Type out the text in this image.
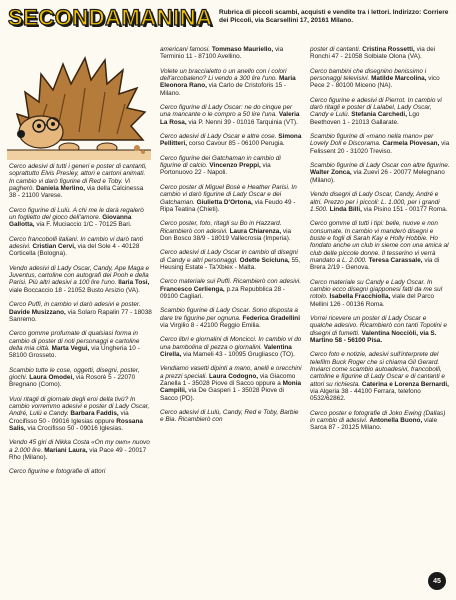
SECONDAMANINA Rubrica di piccoli scambi, acquisti e vendite tra i lettori. Indirizzo: Corriere dei Piccoli, via Scarsellini 17, 20161 Milano.

Cerco adesivi di tutti i generi e poster di cantanti, soprattutto Elvis Presley, attori e cartoni animati. In cambio vi darò figurine di Red e Toby. Vi pagherò. Daniela Merlino, via della Calcinessa 38 - 21100 Varese.

Cerco figurine di Lulù. A chi me le darà regalerò un foglietto del gioco dell'amore. Giovanna Gallotta, via F. Muciaccio 1/C - 70125 Bari.

Cerco francobolli italiani. In cambio vi darò tanti adesivi. Cristian Cervi, via del Sole 4 - 40128 Corticella (Bologna).

Vendo adesivi di Lady Oscar, Candy, Ape Maga e Juventus, cartoline con autografi dei Pooh e della Parisi. Più altri adesivi a 100 lire l'uno. Ilaria Tosi, viale Boccaccio 18 - 21052 Busto Arsizio (VA).

Cerco Puffi, in cambio vi darò adesivi e poster. Davide Musizzano, via Solaro Rapalin 77 - 18038 Sanremo.

Cerco gomme profumate di qualsiasi forma in cambio di poster di noti personaggi e cartoline della mia città. Marta Vegui, via Ungheria 10 - 58100 Grosseto.

Scambio tutte le cose, oggetti, disegni, poster, giochi. Laura Omodei, via Rosorè 5 - 22070 Bregnano (Como).

Vuoi ritagli di giornale degli eroi della tivù? In cambio vorremmo adesivi e poster di Lady Oscar, André, Lulù e Candy. Barbara Faddis, via Crocifisso 50 - 09016 Iglesias oppure Rossana Salis, via Crocifisso 50 - 09016 Iglesias.

Vendo 45 giri di Nikka Costa «On my own» nuovo a 2.000 lire. Mariani Laura, via Pace 49 - 20017 Rho (Milano).

Cerco figurine e fotografie di attori

americani famosi. Tommaso Mauriello, via Terminio 11 - 87100 Avellino.

Volete un braccialetto o un anello con i colori dell'arcobaleno? Li vendo a 300 lire l'uno. Maria Eleonora Rano, via Carlo de Cristoforis 15 - Milano.

Cerco figurine di Lady Oscar: ne do cinque per una mancante o le compro a 50 lire l'una. Valeria La Rosa, via P. Nenni 39 - 01016 Tarquinia (VT).

Cerco adesivi di Lady Oscar e altre cose. Simona Pellitteri, corso Cavour 85 - 06100 Perugia.

Cerco figurine dei Gatchaman in cambio di figurine di calcio. Vincenzo Preppi, via Portonuovo 22 - Napoli.

Cerco poster di Miguel Bosè e Heather Parisi. In cambio vi darò figurine di Lady Oscar e dei Gatchaman. Giulietta D'Ortona, via Feudo 49 - Ripa Teatina (Chieti).

Cerco poster, foto, ritagli su Bo in Hazzard. Ricambierò con adesivi. Laura Chiarenza, via Don Bosco 38/9 - 18019 Vallecrosia (Imperia).

Cerco adesivi di Lady Oscar in cambio di disegni di Candy e altri personaggi. Odette Scicluna, 55, Heusing Estate - Ta'Xbiex - Malta.

Cerco materiale sui Puffi. Ricambierò con adesivi. Francesco Cerlienga, p.za Repubblica 28 - 09100 Cagliari.

Scambio figurine di Lady Oscar. Sono disposta a dare tre figurine per ognuna. Federica Gradellini via Virgilio 8 - 42100 Reggio Emilia.

Cerco libri e giornalini di Moncicci. In cambio vi do una bambolina di pezza o giornalini. Valentina Cirella, via Mameli 43 - 10095 Grugliasco (TO).

Vendiamo vasetti dipinti a mano, anelli e orecchini a prezzi speciali. Laura Codogno, via Giacomo Zanella 1 - 35028 Piove di Sacco oppure a Monia Campilii, via De Gasperi 1 - 35028 Piove di Sacco (PD).

Cerco adesivi di Lulù, Candy, Red e Toby, Barbie e Bia. Ricambierò con

poster di cantanti. Cristina Rossetti, via dei Ronchi 47 - 21058 Solbiate Olona (VA).

Cerco bambini che disegnino benissimo i personaggi televisivi. Matilde Marcolina, vico Pece 2 - 80100 Miceno (NA).

Cerco figurine e adesivi di Pierrot. In cambio vi darò ritagli e poster di Lalabel, Lady Oscar, Candy e Lulù. Stefania Carchedi, Lgo Beethoven 1 - 21013 Gallarate.

Scambio figurine di «mano nella mano» per Lovely Doll e Discorama. Carmela Piovesan, via Felissent 20 - 31020 Treviso.

Scambio figurine di Lady Oscar con altre figurine. Walter Zonca, via Zuevi 26 - 20077 Melegnano (Milano).

Vendo disegni di Lady Oscar, Candy, André e altri. Prezzo per i piccoli: L. 1.000, per i grandi 1.500. Linda Billi, via Pisino 151 - 00177 Roma.

Cerco gomme di tutti i tipi: belle, nuove e non consumate. In cambio vi manderò disegni e buste e fogli di Sarah Kay e Holly Hobbie. Ho fondato anche un club in sieme con una amica al club delle piccole donne. Il tesserino vi verrà mandato a L. 2.000. Teresa Carassale, via di Brera 2/19 - Genova.

Cerco materiale su Candy e Lady Oscar. In cambio ecco disegni giapponesi fatti da me sul rotolo. Isabella Fracchiolla, viale del Parco Mellini 126 - 00136 Roma.

Vorrei ricevere un poster di Lady Oscar e qualche adesivo. Ricambierò con tanti Topolini e disegni di fumetti. Valentina Nocciòli, via S. Martino 58 - 56100 Pisa.

Cerco foto e notizie, adesivi sull'interprete del telefilm Buck Roger che si chiama Gil Gerard. Inviarci come scambio autoadesivi, francobolli, cartoline e figurine di Lady Oscar e di cantanti e attori su richiesta. Caterina e Lorenza Bernardi, via Algeria 38 - 44100 Ferrara, telefono 0532/62862.

Cerco poster e fotografie di Joko Ewing (Dallas) in cambio di adesivi. Antonella Buono, viale Sarca 87 - 20125 Milano.

45
